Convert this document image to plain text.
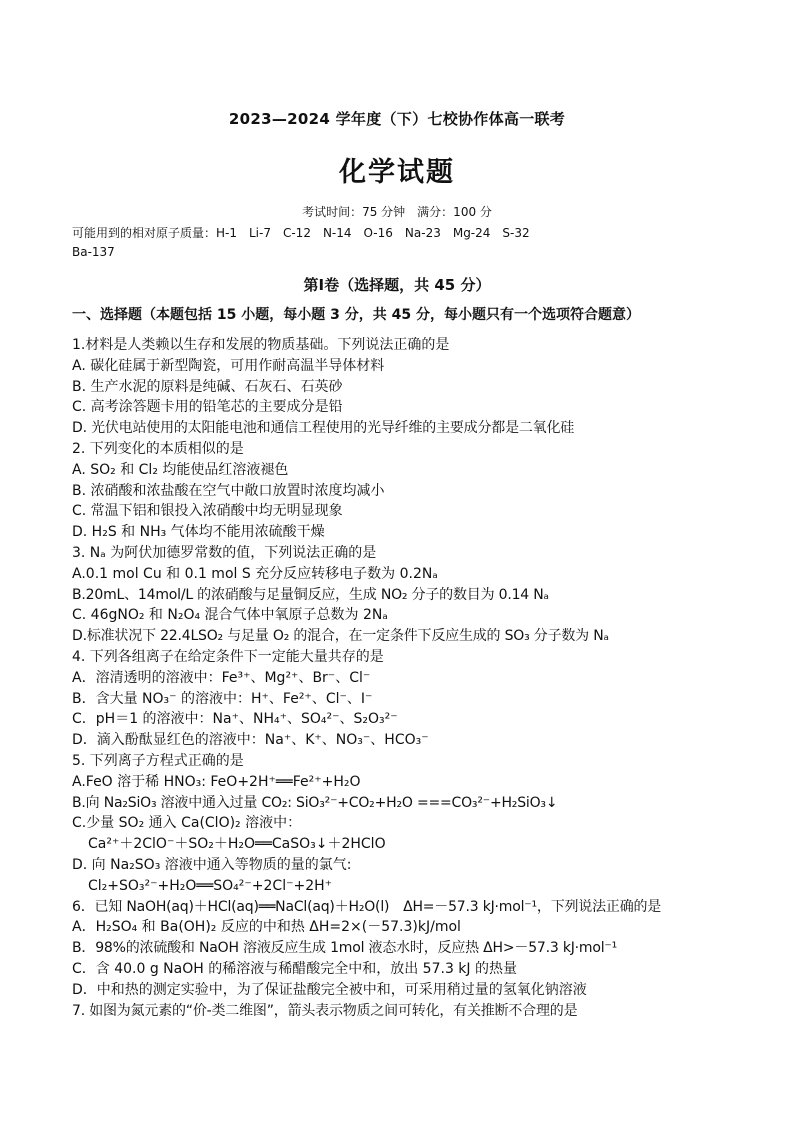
2023—2024 学年度（下）七校协作体高一联考
化学试题
考试时间：75 分钟　满分：100 分
可能用到的相对原子质量：H-1　Li-7　C-12　N-14　O-16　Na-23　Mg-24　S-32
Ba-137
第Ⅰ卷（选择题，共 45 分）
一、选择题（本题包括 15 小题，每小题 3 分，共 45 分，每小题只有一个选项符合题意）
1.材料是人类赖以生存和发展的物质基础。下列说法正确的是
A. 碳化硅属于新型陶瓷，可用作耐高温半导体材料
B. 生产水泥的原料是纯碱、石灰石、石英砂
C. 高考涂答题卡用的铅笔芯的主要成分是铅
D. 光伏电站使用的太阳能电池和通信工程使用的光导纤维的主要成分都是二氧化硅
2. 下列变化的本质相似的是
A. SO₂ 和 Cl₂ 均能使品红溶液褪色
B. 浓硝酸和浓盐酸在空气中敞口放置时浓度均减小
C. 常温下铝和银投入浓硝酸中均无明显现象
D. H₂S 和 NH₃ 气体均不能用浓硫酸干燥
3. Nₐ 为阿伏加德罗常数的值，下列说法正确的是
A.0.1 mol Cu 和 0.1 mol S 充分反应转移电子数为 0.2Nₐ
B.20mL、14mol/L 的浓硝酸与足量铜反应，生成 NO₂ 分子的数目为 0.14 Nₐ
C. 46gNO₂ 和 N₂O₄ 混合气体中氧原子总数为 2Nₐ
D.标准状况下 22.4LSO₂ 与足量 O₂ 的混合，在一定条件下反应生成的 SO₃ 分子数为 Nₐ
4. 下列各组离子在给定条件下一定能大量共存的是
A．溶清透明的溶液中：Fe³⁺、Mg²⁺、Br⁻、Cl⁻
B．含大量 NO₃⁻ 的溶液中：H⁺、Fe²⁺、Cl⁻、I⁻
C．pH＝1 的溶液中：Na⁺、NH₄⁺、SO₄²⁻、S₂O₃²⁻
D．滴入酚酞显红色的溶液中：Na⁺、K⁺、NO₃⁻、HCO₃⁻
5. 下列离子方程式正确的是
A.FeO 溶于稀 HNO₃: FeO+2H⁺══Fe²⁺+H₂O
B.向 Na₂SiO₃ 溶液中通入过量 CO₂: SiO₃²⁻+CO₂+H₂O ===CO₃²⁻+H₂SiO₃↓
C.少量 SO₂ 通入 Ca(ClO)₂ 溶液中：
Ca²⁺＋2ClO⁻＋SO₂＋H₂O══CaSO₃↓＋2HClO
D. 向 Na₂SO₃ 溶液中通入等物质的量的氯气:
Cl₂+SO₃²⁻+H₂O══SO₄²⁻+2Cl⁻+2H⁺
6．已知 NaOH(aq)＋HCl(aq)══NaCl(aq)＋H₂O(l)　ΔH=－57.3 kJ·mol⁻¹，下列说法正确的是
A．H₂SO₄ 和 Ba(OH)₂ 反应的中和热 ΔH=2×(－57.3)kJ/mol
B．98%的浓硫酸和 NaOH 溶液反应生成 1mol 液态水时，反应热 ΔH>－57.3 kJ·mol⁻¹
C．含 40.0 g NaOH 的稀溶液与稀醋酸完全中和，放出 57.3 kJ 的热量
D．中和热的测定实验中，为了保证盐酸完全被中和，可采用稍过量的氢氧化钠溶液
7. 如图为氮元素的“价-类二维图”，箭头表示物质之间可转化，有关推断不合理的是
